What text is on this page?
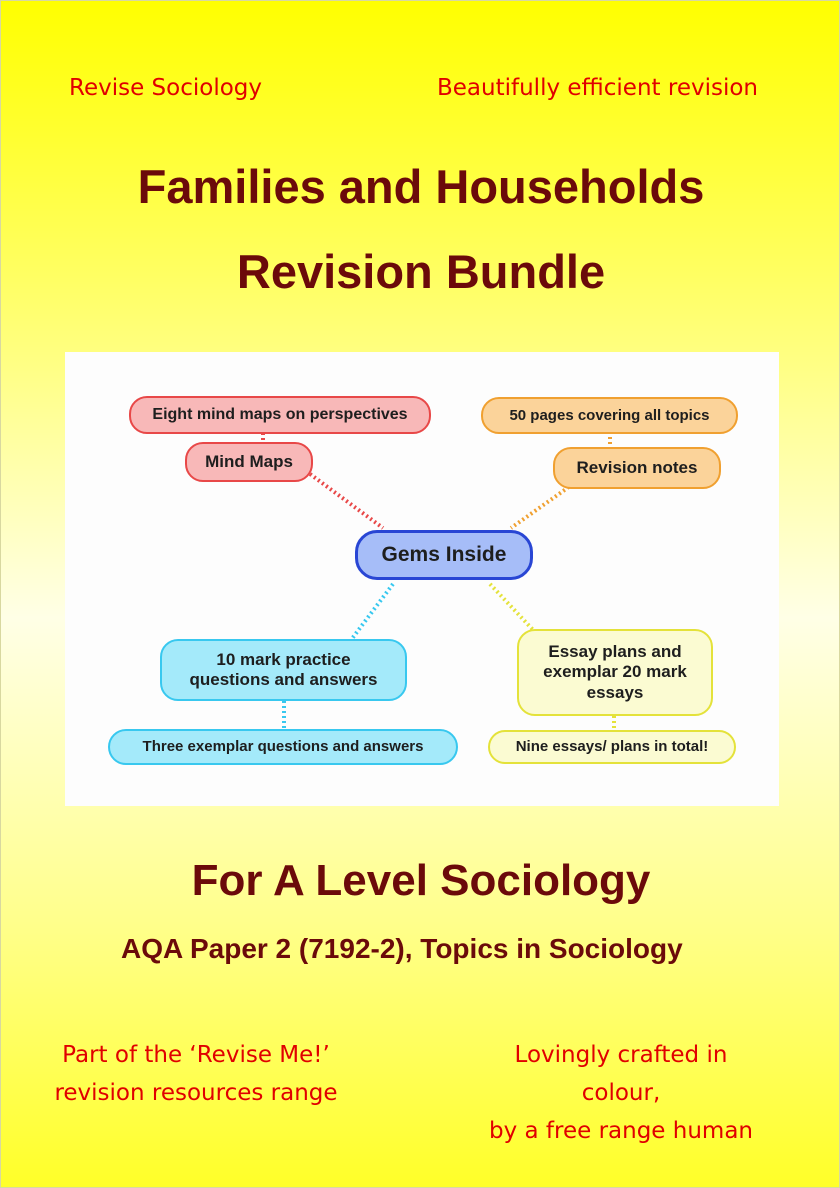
Revise Sociology	Beautifully efficient revision
Families and Households
Revision Bundle
Eight mind maps on perspectives
Mind Maps
50 pages covering all topics
Revision notes
Gems Inside
10 mark practice
questions and answers
Three exemplar questions and answers
Essay plans and
exemplar 20 mark
essays
Nine essays/ plans in total!
For A Level Sociology
AQA Paper 2 (7192-2), Topics in Sociology
Part of the ‘Revise Me!’
revision resources range
Lovingly crafted in colour,
by a free range human
